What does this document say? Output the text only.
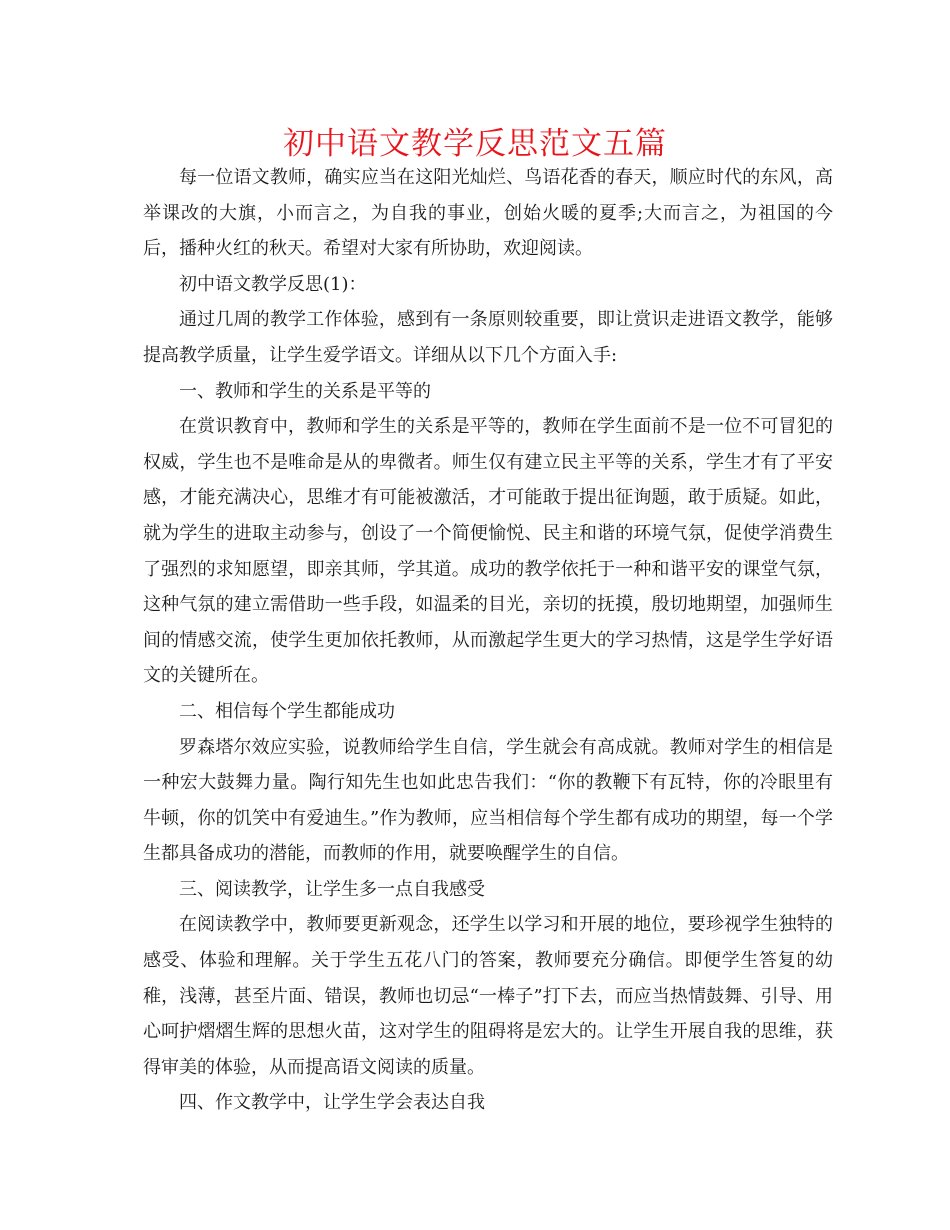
初中语文教学反思范文五篇

每一位语文教师，确实应当在这阳光灿烂、鸟语花香的春天，顺应时代的东风，高举课改的大旗，小而言之，为自我的事业，创始火暖的夏季;大而言之，为祖国的今后，播种火红的秋天。希望对大家有所协助，欢迎阅读。

初中语文教学反思(1)：

通过几周的教学工作体验，感到有一条原则较重要，即让赏识走进语文教学，能够提高教学质量，让学生爱学语文。详细从以下几个方面入手:

一、教师和学生的关系是平等的

在赏识教育中，教师和学生的关系是平等的，教师在学生面前不是一位不可冒犯的权威，学生也不是唯命是从的卑微者。师生仅有建立民主平等的关系，学生才有了平安感，才能充满决心，思维才有可能被激活，才可能敢于提出征询题，敢于质疑。如此，就为学生的进取主动参与，创设了一个简便愉悦、民主和谐的环境气氛，促使学消费生了强烈的求知愿望，即亲其师，学其道。成功的教学依托于一种和谐平安的课堂气氛，这种气氛的建立需借助一些手段，如温柔的目光，亲切的抚摸，殷切地期望，加强师生间的情感交流，使学生更加依托教师，从而激起学生更大的学习热情，这是学生学好语文的关键所在。

二、相信每个学生都能成功

罗森塔尔效应实验，说教师给学生自信，学生就会有高成就。教师对学生的相信是一种宏大鼓舞力量。陶行知先生也如此忠告我们：“你的教鞭下有瓦特，你的冷眼里有牛顿，你的饥笑中有爱迪生。”作为教师，应当相信每个学生都有成功的期望，每一个学生都具备成功的潜能，而教师的作用，就要唤醒学生的自信。

三、阅读教学，让学生多一点自我感受

在阅读教学中，教师要更新观念，还学生以学习和开展的地位，要珍视学生独特的感受、体验和理解。关于学生五花八门的答案，教师要充分确信。即便学生答复的幼稚，浅薄，甚至片面、错误，教师也切忌“一棒子”打下去，而应当热情鼓舞、引导、用心呵护熠熠生辉的思想火苗，这对学生的阻碍将是宏大的。让学生开展自我的思维，获得审美的体验，从而提高语文阅读的质量。

四、作文教学中，让学生学会表达自我
